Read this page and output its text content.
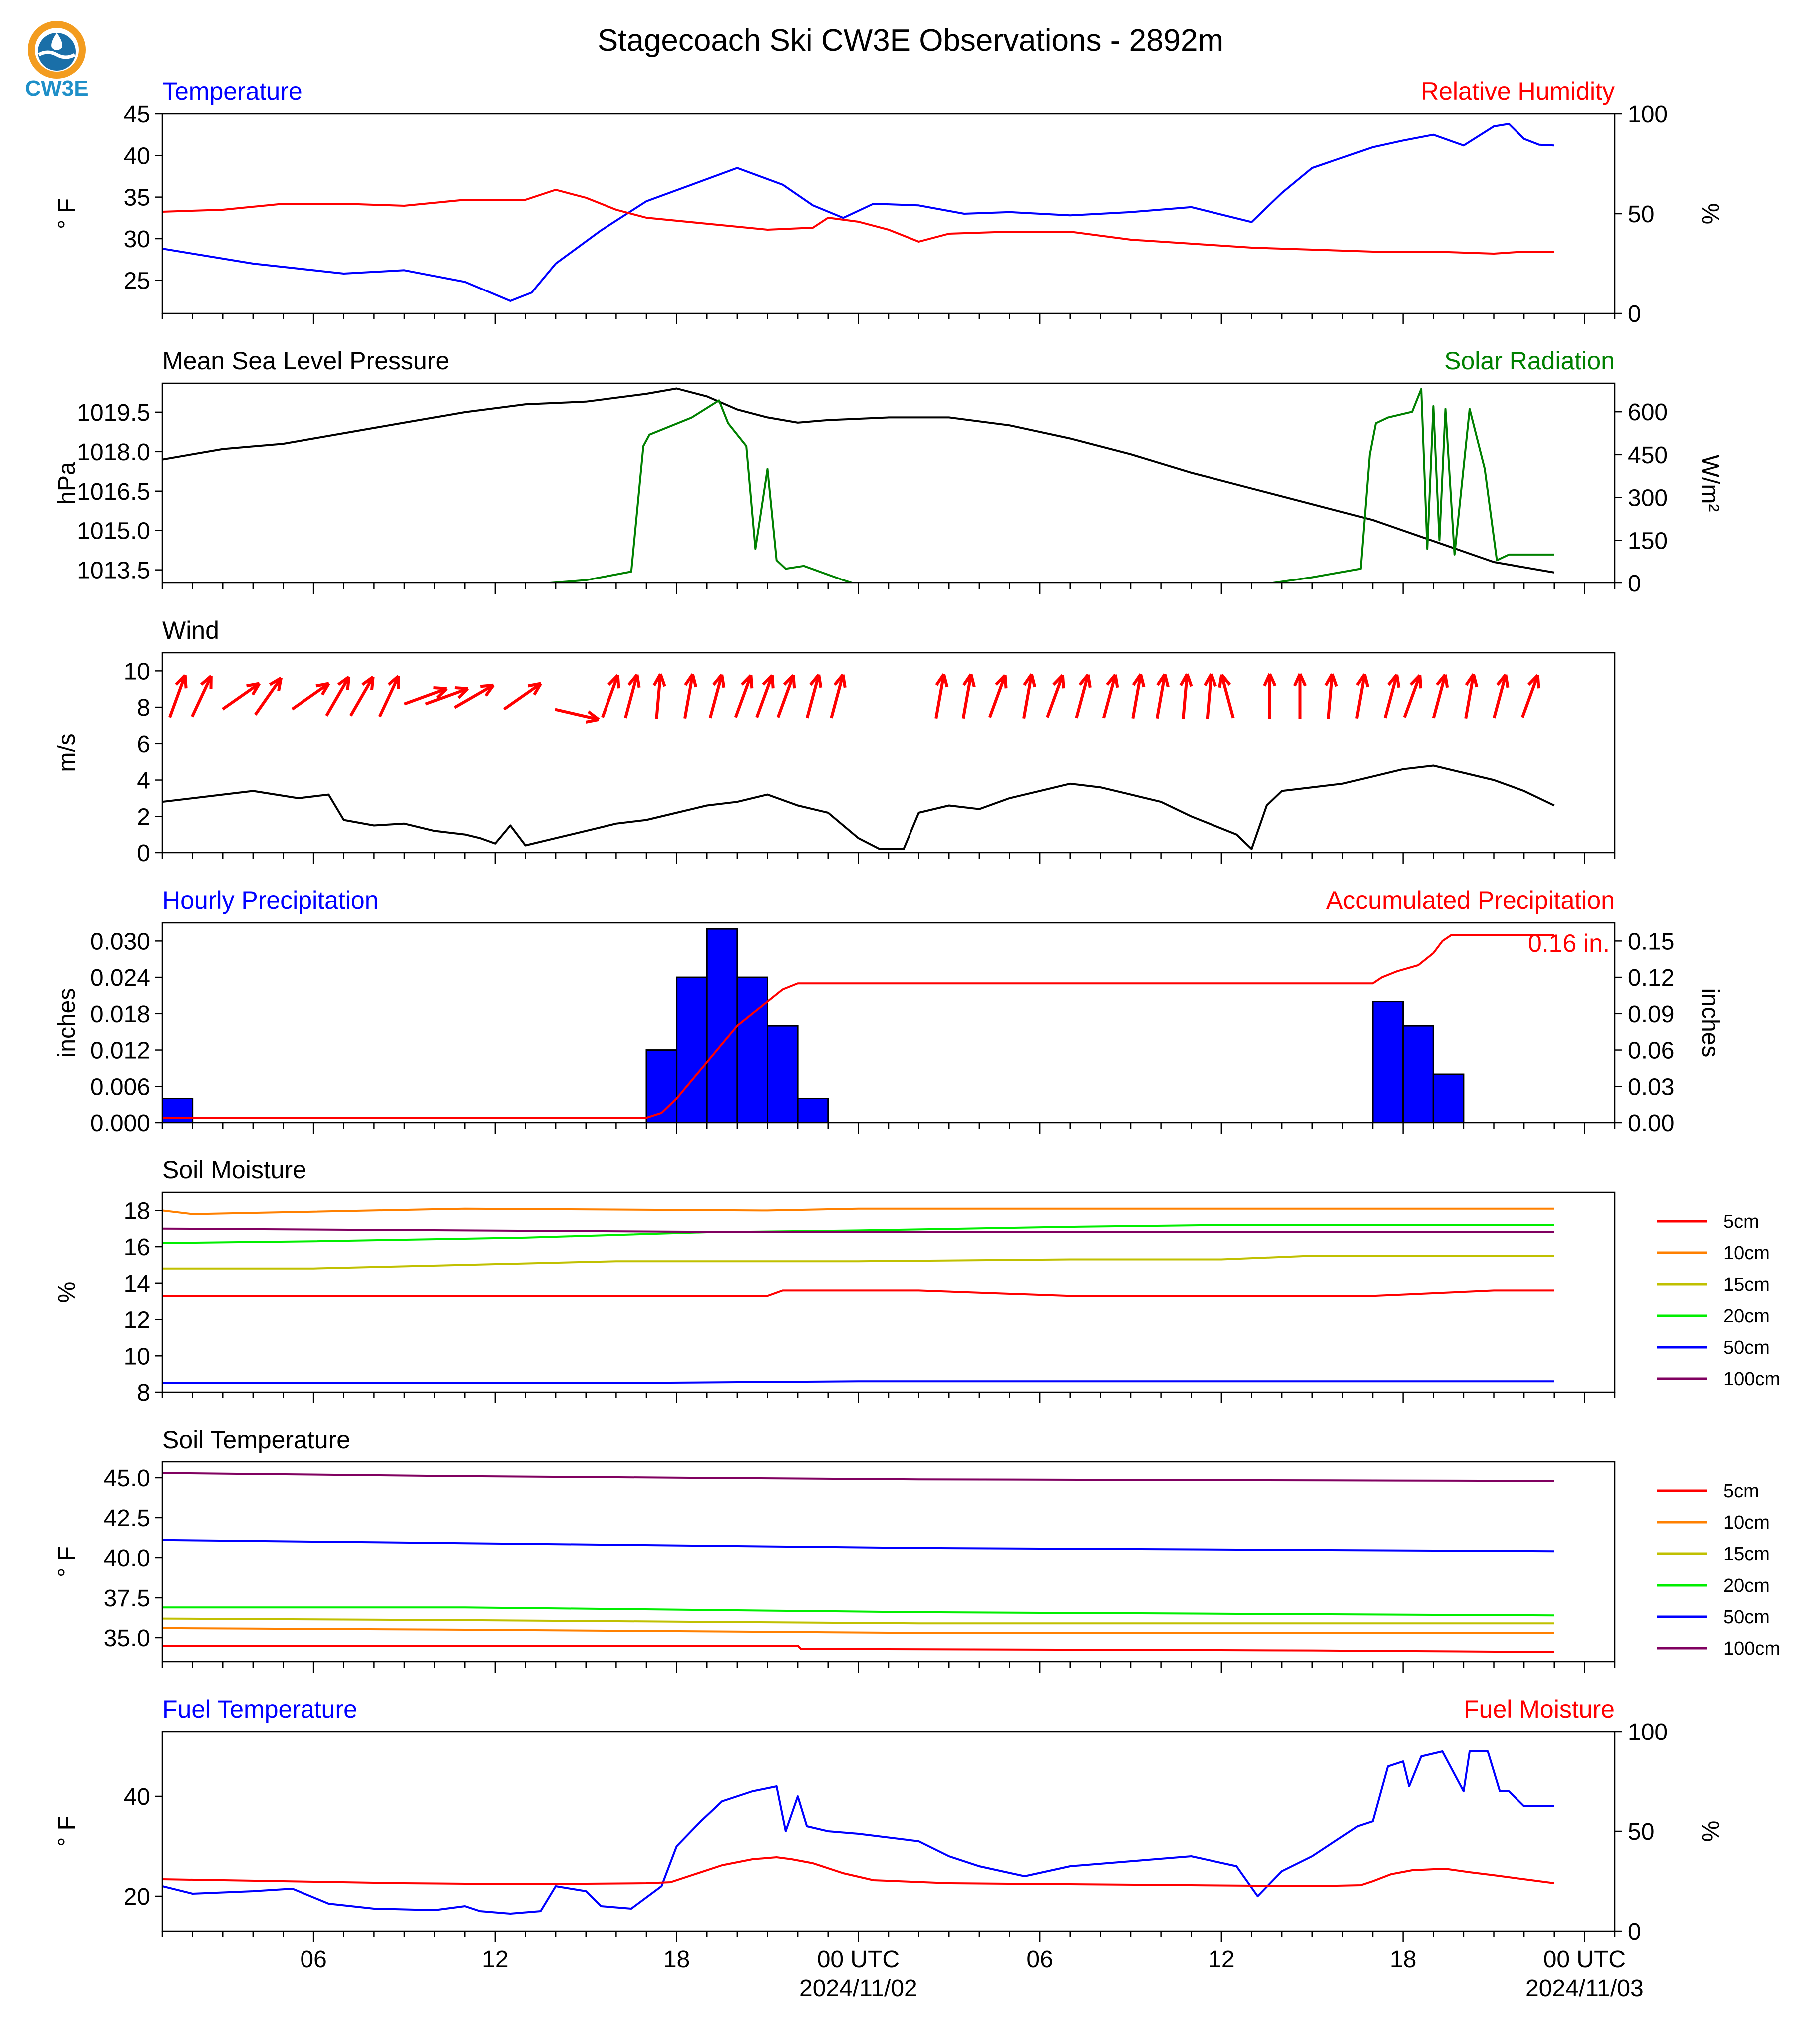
CW3E
Stagecoach Ski CW3E Observations - 2892m
Temperature	Relative Humidity
25
30
35
40
45
0
50
100
° F	%
Mean Sea Level Pressure	Solar Radiation
1013.5
1015.0
1016.5
1018.0
1019.5
0
150
300
450
600
hPa	W/m²
Wind
0
2
4
6
8
10
m/s
Hourly Precipitation	Accumulated Precipitation
0.000
0.006
0.012
0.018
0.024
0.030
0.00
0.03
0.06
0.09
0.12
0.15
inches	inches
0.16 in.
Soil Moisture
8
10
12
14
16
18
%
5cm
10cm
15cm
20cm
50cm
100cm
Soil Temperature
35.0
37.5
40.0
42.5
45.0
° F
5cm
10cm
15cm
20cm
50cm
100cm
Fuel Temperature	Fuel Moisture
20
40
0
50
100
° F	%
06	12	18	00 UTC
2024/11/02
06	12	18	00 UTC
2024/11/03
